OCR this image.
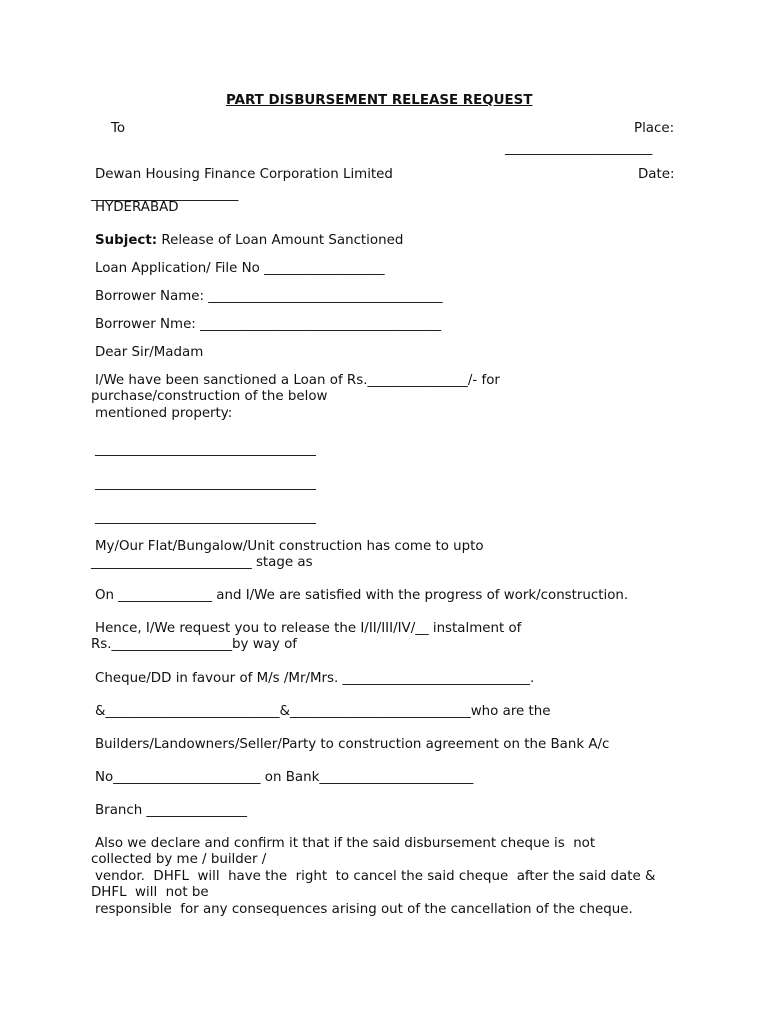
PART DISBURSEMENT RELEASE REQUEST
To	Place:
______________________
Dewan Housing Finance Corporation Limited	Date:
______________________
HYDERABAD
Subject: Release of Loan Amount Sanctioned
Loan Application/ File No __________________
Borrower Name: ___________________________________
Borrower Nme: ____________________________________
Dear Sir/Madam
I/We have been sanctioned a Loan of Rs._______________/- for
purchase/construction of the below
mentioned property:
_________________________________
_________________________________
_________________________________
My/Our Flat/Bungalow/Unit construction has come to upto
________________________ stage as
On ______________ and I/We are satisfied with the progress of work/construction.
Hence, I/We request you to release the I/II/III/IV/__ instalment of
Rs.__________________by way of
Cheque/DD in favour of M/s /Mr/Mrs. ____________________________.
&__________________________&___________________________who are the
Builders/Landowners/Seller/Party to construction agreement on the Bank A/c
No______________________ on Bank_______________________
Branch _______________
Also we declare and confirm it that if the said disbursement cheque is  not
collected by me / builder /
vendor.  DHFL  will  have the  right  to cancel the said cheque  after the said date &
DHFL  will  not be
responsible  for any consequences arising out of the cancellation of the cheque.
